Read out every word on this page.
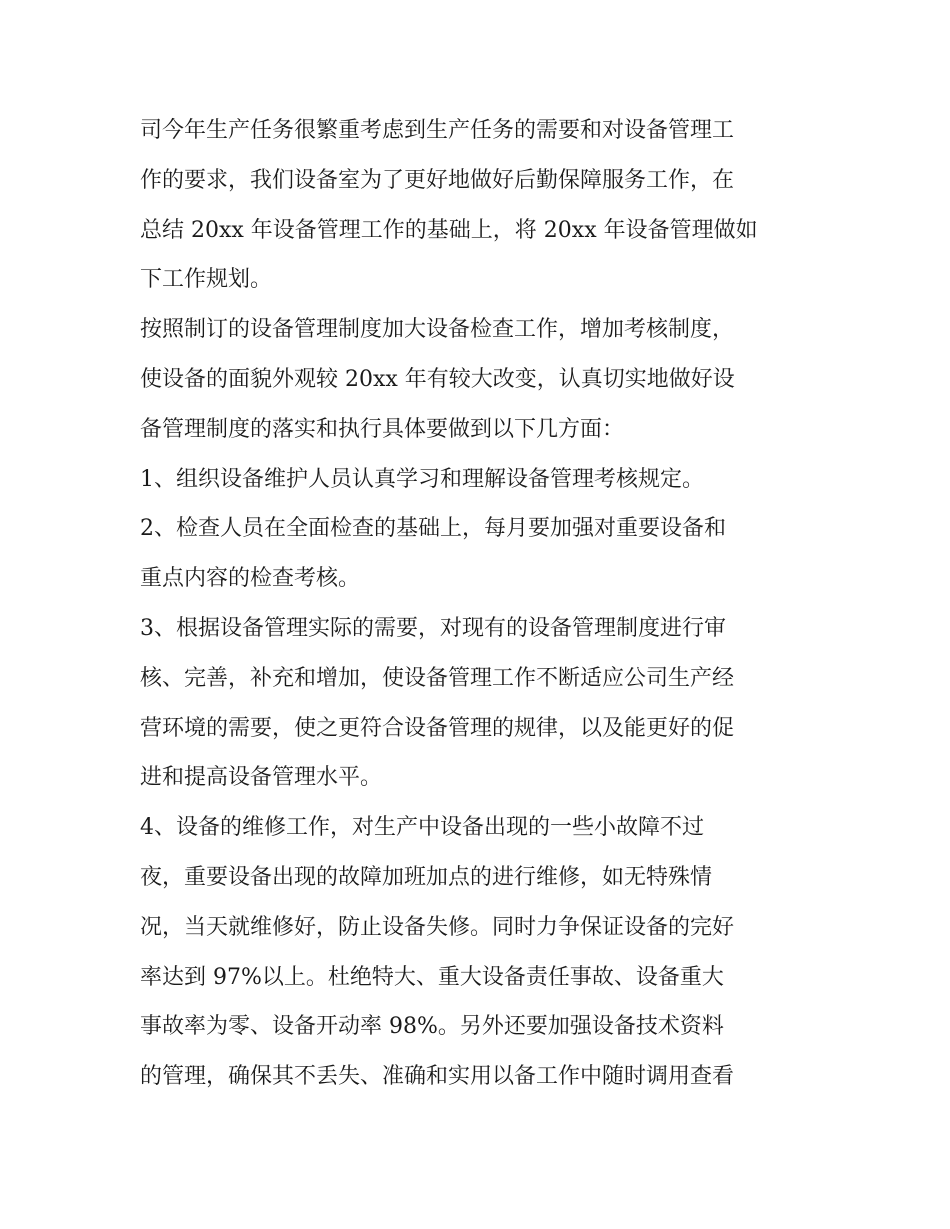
司今年生产任务很繁重考虑到生产任务的需要和对设备管理工
作的要求，我们设备室为了更好地做好后勤保障服务工作，在
总结 20xx 年设备管理工作的基础上，将 20xx 年设备管理做如
下工作规划。
按照制订的设备管理制度加大设备检查工作，增加考核制度，
使设备的面貌外观较 20xx 年有较大改变，认真切实地做好设
备管理制度的落实和执行具体要做到以下几方面：
1、组织设备维护人员认真学习和理解设备管理考核规定。
2、检查人员在全面检查的基础上，每月要加强对重要设备和
重点内容的检查考核。
3、根据设备管理实际的需要，对现有的设备管理制度进行审
核、完善，补充和增加，使设备管理工作不断适应公司生产经
营环境的需要，使之更符合设备管理的规律，以及能更好的促
进和提高设备管理水平。
4、设备的维修工作，对生产中设备出现的一些小故障不过
夜，重要设备出现的故障加班加点的进行维修，如无特殊情
况，当天就维修好，防止设备失修。同时力争保证设备的完好
率达到 97%以上。杜绝特大、重大设备责任事故、设备重大
事故率为零、设备开动率 98%。另外还要加强设备技术资料
的管理，确保其不丢失、准确和实用以备工作中随时调用查看
